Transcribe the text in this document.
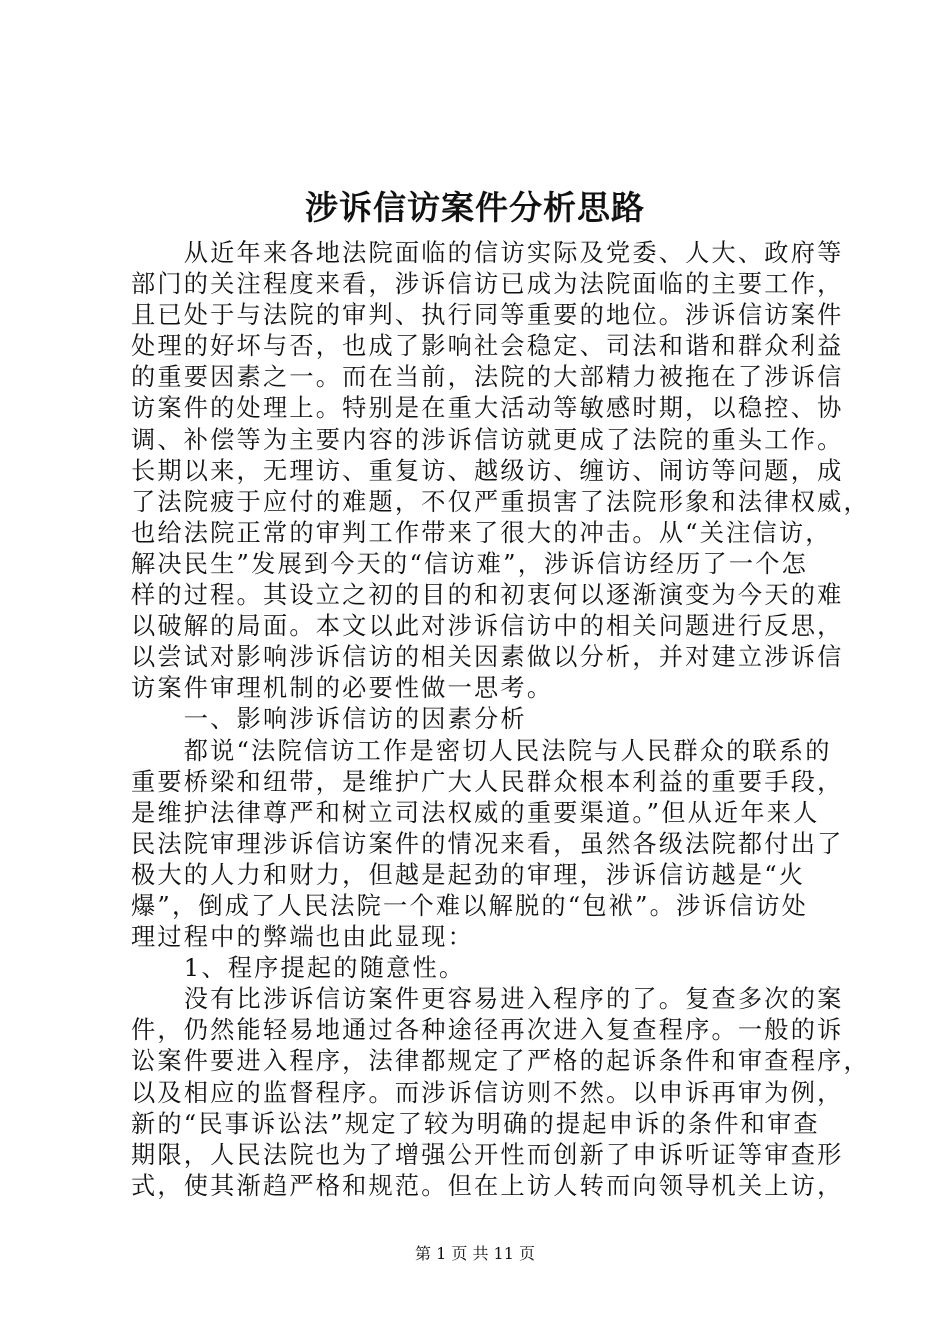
涉诉信访案件分析思路
　　从近年来各地法院面临的信访实际及党委、人大、政府等
部门的关注程度来看，涉诉信访已成为法院面临的主要工作，
且已处于与法院的审判、执行同等重要的地位。涉诉信访案件
处理的好坏与否，也成了影响社会稳定、司法和谐和群众利益
的重要因素之一。而在当前，法院的大部精力被拖在了涉诉信
访案件的处理上。特别是在重大活动等敏感时期，以稳控、协
调、补偿等为主要内容的涉诉信访就更成了法院的重头工作。
长期以来，无理访、重复访、越级访、缠访、闹访等问题，成
了法院疲于应付的难题，不仅严重损害了法院形象和法律权威，
也给法院正常的审判工作带来了很大的冲击。从“关注信访，
解决民生”发展到今天的“信访难”，涉诉信访经历了一个怎
样的过程。其设立之初的目的和初衷何以逐渐演变为今天的难
以破解的局面。本文以此对涉诉信访中的相关问题进行反思，
以尝试对影响涉诉信访的相关因素做以分析，并对建立涉诉信
访案件审理机制的必要性做一思考。
　　一、影响涉诉信访的因素分析
　　都说“法院信访工作是密切人民法院与人民群众的联系的
重要桥梁和纽带，是维护广大人民群众根本利益的重要手段，
是维护法律尊严和树立司法权威的重要渠道。”但从近年来人
民法院审理涉诉信访案件的情况来看，虽然各级法院都付出了
极大的人力和财力，但越是起劲的审理，涉诉信访越是“火
爆”，倒成了人民法院一个难以解脱的“包袱”。涉诉信访处
理过程中的弊端也由此显现：
　　1、程序提起的随意性。
　　没有比涉诉信访案件更容易进入程序的了。复查多次的案
件，仍然能轻易地通过各种途径再次进入复查程序。一般的诉
讼案件要进入程序，法律都规定了严格的起诉条件和审查程序，
以及相应的监督程序。而涉诉信访则不然。以申诉再审为例，
新的“民事诉讼法”规定了较为明确的提起申诉的条件和审查
期限，人民法院也为了增强公开性而创新了申诉听证等审查形
式，使其渐趋严格和规范。但在上访人转而向领导机关上访，
第 1 页 共 11 页
